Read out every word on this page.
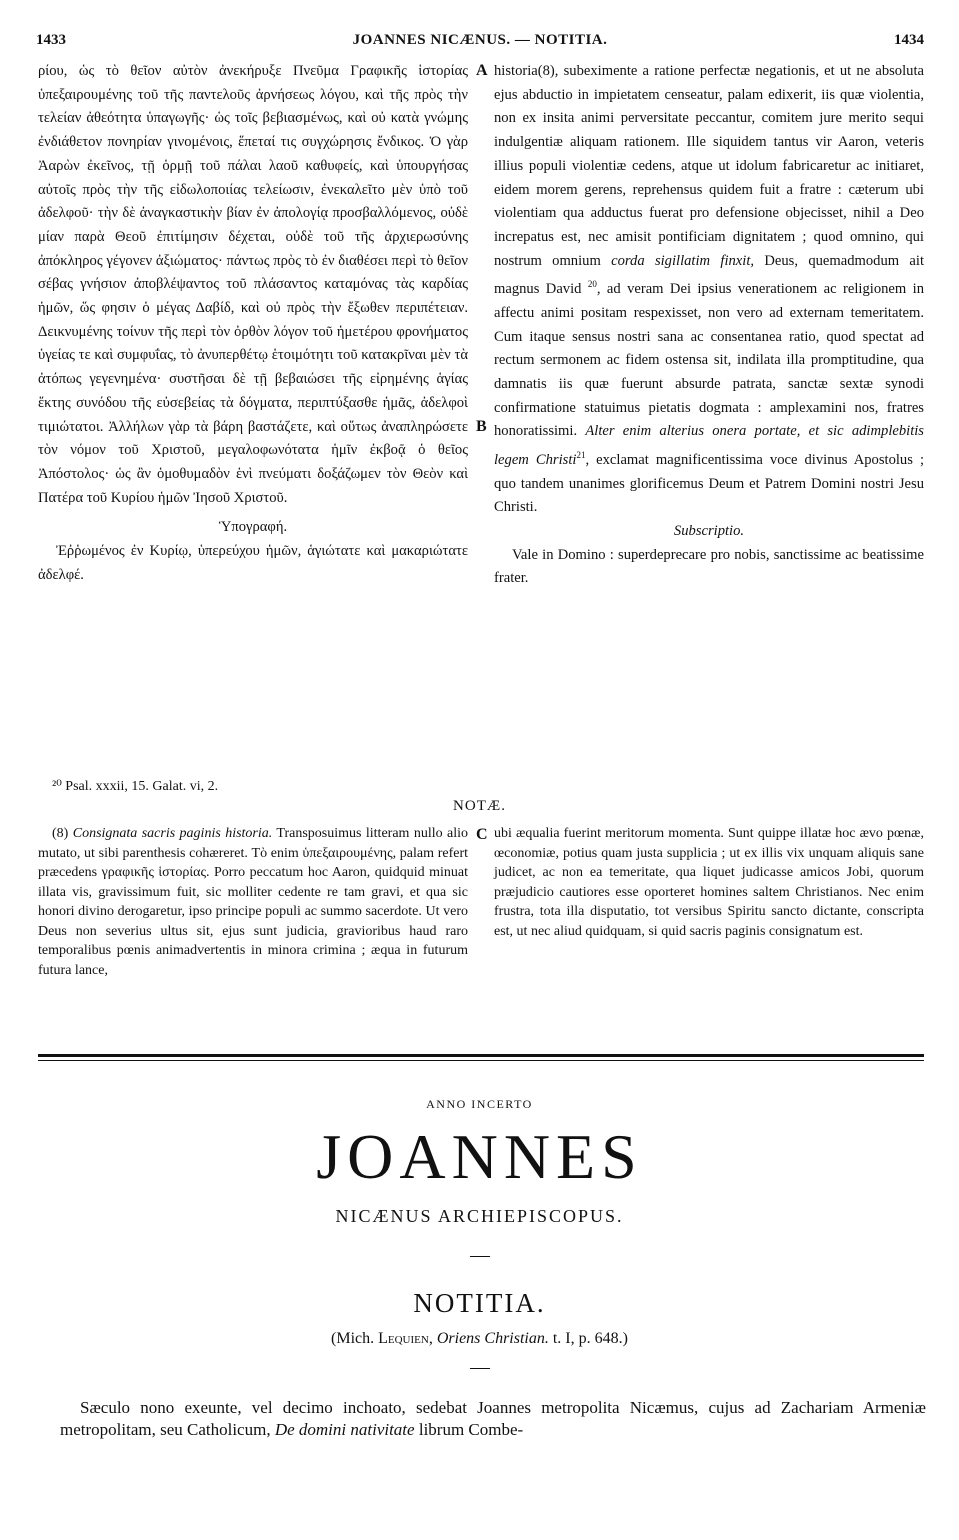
1433	JOANNES NICÆNUS. — NOTITIA.	1434

ρίου, ὡς τὸ θεῖον αὐτὸν ἀνεκήρυξε Πνεῦμα Γραφικῆς ἱστορίας ὑπεξαιρουμένης τοῦ τῆς παντελοῦς ἀρνήσεως λόγου, καὶ τῆς πρὸς τὴν τελείαν ἀθεότητα ὑπαγωγῆς· ὡς τοῖς βεβιασμένως, καὶ οὐ κατὰ γνώμης ἐνδιάθετον πονηρίαν γινομένοις, ἕπεταί τις συγχώρησις ἔνδικος. Ὁ γὰρ Ἀαρὼν ἐκεῖνος, τῇ ὁρμῇ τοῦ πάλαι λαοῦ καθυφείς, καὶ ὑπουργήσας αὐτοῖς πρὸς τὴν τῆς εἰδωλοποιίας τελείωσιν, ἐνεκαλεῖτο μὲν ὑπὸ τοῦ ἀδελφοῦ· τὴν δὲ ἀναγκαστικὴν βίαν ἐν ἀπολογίᾳ προσβαλλόμενος, οὐδὲ μίαν παρὰ Θεοῦ ἐπιτίμησιν δέχεται, οὐδὲ τοῦ τῆς ἀρχιερωσύνης ἀπόκληρος γέγονεν ἀξιώματος· πάντως πρὸς τὸ ἐν διαθέσει περὶ τὸ θεῖον σέβας γνήσιον ἀποβλέψαντος τοῦ πλάσαντος καταμόνας τὰς καρδίας ἡμῶν, ὥς φησιν ὁ μέγας Δαβίδ, καὶ οὐ πρὸς τὴν ἔξωθεν περιπέτειαν. Δεικνυμένης τοίνυν τῆς περὶ τὸν ὀρθὸν λόγον τοῦ ἡμετέρου φρονήματος ὑγείας τε καὶ συμφυΐας, τὸ ἀνυπερθέτῳ ἑτοιμότητι τοῦ κατακρῖναι μὲν τὰ ἀτόπως γεγενημένα· συστῆσαι δὲ τῇ βεβαιώσει τῆς εἰρημένης ἁγίας ἕκτης συνόδου τῆς εὐσεβείας τὰ δόγματα, περιπτύξασθε ἡμᾶς, ἀδελφοὶ τιμιώτατοι. Ἀλλήλων γὰρ τὰ βάρη βαστάζετε, καὶ οὕτως ἀναπληρώσετε τὸν νόμον τοῦ Χριστοῦ, μεγαλοφωνότατα ἡμῖν ἐκβοᾷ ὁ θεῖος Ἀπόστολος· ὡς ἂν ὁμοθυμαδὸν ἑνὶ πνεύματι δοξάζωμεν τὸν Θεὸν καὶ Πατέρα τοῦ Κυρίου ἡμῶν Ἰησοῦ Χριστοῦ.

Ὑπογραφή.

Ἐῤῥωμένος ἐν Κυρίῳ, ὑπερεύχου ἡμῶν, ἁγιώτατε καὶ μακαριώτατε ἀδελφέ.

A
B
C

historia(8), subeximente a ratione perfectæ negationis, et ut ne absoluta ejus abductio in impietatem censeatur, palam edixerit, iis quæ violentia, non ex insita animi perversitate peccantur, comitem jure merito sequi indulgentiæ aliquam rationem. Ille siquidem tantus vir Aaron, veteris illius populi violentiæ cedens, atque ut idolum fabricaretur ac initiaret, eidem morem gerens, reprehensus quidem fuit a fratre : cæterum ubi violentiam qua adductus fuerat pro defensione objecisset, nihil a Deo increpatus est, nec amisit pontificiam dignitatem ; quod omnino, qui nostrum omnium corda sigillatim finxit, Deus, quemadmodum ait magnus David $^{20}$, ad veram Dei ipsius venerationem ac religionem in affectu animi positam respexisset, non vero ad externam temeritatem. Cum itaque sensus nostri sana ac consentanea ratio, quod spectat ad rectum sermonem ac fidem ostensa sit, indilata illa promptitudine, qua damnatis iis quæ fuerunt absurde patrata, sanctæ sextæ synodi confirmatione statuimus pietatis dogmata : amplexamini nos, fratres honoratissimi. Alter enim alterius onera portate, et sic adimplebitis legem Christi$^{21}$, exclamat magnificentissima voce divinus Apostolus ; quo tandem unanimes glorificemus Deum et Patrem Domini nostri Jesu Christi.

Subscriptio.

Vale in Domino : superdeprecare pro nobis, sanctissime ac beatissime frater.

²⁰ Psal. xxxii, 15. Galat. vi, 2.
NOTÆ.

(8) Consignata sacris paginis historia. Transposuimus litteram nullo alio mutato, ut sibi parenthesis cohæreret. Τὸ enim ὑπεξαιρουμένης, palam refert præcedens γραφικῆς ἱστορίας. Porro peccatum hoc Aaron, quidquid minuat illata vis, gravissimum fuit, sic molliter cedente re tam gravi, et qua sic honori divino derogaretur, ipso principe populi ac summo sacerdote. Ut vero Deus non severius ultus sit, ejus sunt judicia, gravioribus haud raro temporalibus pœnis animadvertentis in minora crimina ; æqua in futurum futura lance,

ubi æqualia fuerint meritorum momenta. Sunt quippe illatæ hoc ævo pœnæ, œconomiæ, potius quam justa supplicia ; ut ex illis vix unquam aliquis sane judicet, ac non ea temeritate, qua liquet judicasse amicos Jobi, quorum præjudicio cautiores esse oporteret homines saltem Christianos. Nec enim frustra, tota illa disputatio, tot versibus Spiritu sancto dictante, conscripta est, ut nec aliud quidquam, si quid sacris paginis consignatum est.

ANNO INCERTO
JOANNES
NICÆNUS ARCHIEPISCOPUS.
NOTITIA.
(Mich. Lequien, Oriens Christian. t. I, p. 648.)
Sæculo nono exeunte, vel decimo inchoato, sedebat Joannes metropolita Nicæmus, cujus ad Zachariam Armeniæ metropolitam, seu Catholicum, De domini nativitate librum Combe-
